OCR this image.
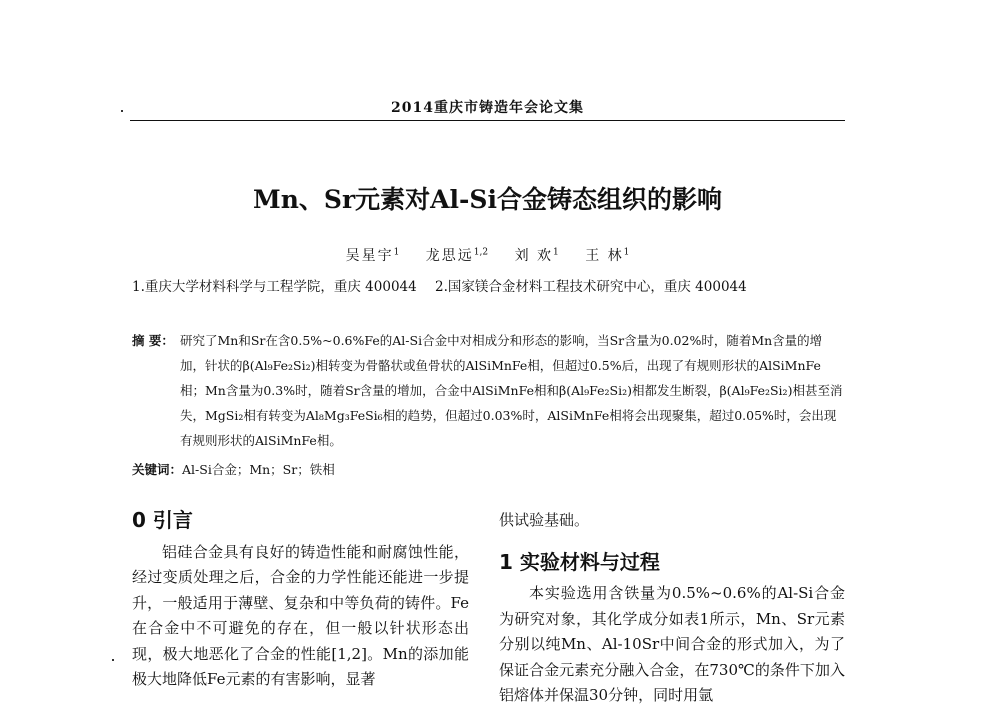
2014重庆市铸造年会论文集
Mn、Sr元素对Al-Si合金铸态组织的影响
吴星宇$^1$ 龙思远$^{1,2}$ 刘 欢$^1$ 王 林$^1$
1.重庆大学材料科学与工程学院，重庆 400044 2.国家镁合金材料工程技术研究中心，重庆 400044
摘 要： 研究了Mn和Sr在含0.5%~0.6%Fe的Al-Si合金中对相成分和形态的影响，当Sr含量为0.02%时，随着Mn含量的增加，针状的β(Al₉Fe₂Si₂)相转变为骨骼状或鱼骨状的AlSiMnFe相，但超过0.5%后，出现了有规则形状的AlSiMnFe相；Mn含量为0.3%时，随着Sr含量的增加，合金中AlSiMnFe相和β(Al₉Fe₂Si₂)相都发生断裂，β(Al₉Fe₂Si₂)相甚至消失，MgSi₂相有转变为Al₈Mg₃FeSi₆相的趋势，但超过0.03%时，AlSiMnFe相将会出现聚集，超过0.05%时，会出现有规则形状的AlSiMnFe相。
关键词：Al-Si合金；Mn；Sr；铁相
0 引言

铝硅合金具有良好的铸造性能和耐腐蚀性能，经过变质处理之后，合金的力学性能还能进一步提升，一般适用于薄壁、复杂和中等负荷的铸件。Fe在合金中不可避免的存在，但一般以针状形态出现，极大地恶化了合金的性能[1,2]。Mn的添加能极大地降低Fe元素的有害影响，显著

供试验基础。

1 实验材料与过程

本实验选用含铁量为0.5%~0.6%的Al-Si合金为研究对象，其化学成分如表1所示，Mn、Sr元素分别以纯Mn、Al-10Sr中间合金的形式加入，为了保证合金元素充分融入合金，在730℃的条件下加入铝熔体并保温30分钟，同时用氩
